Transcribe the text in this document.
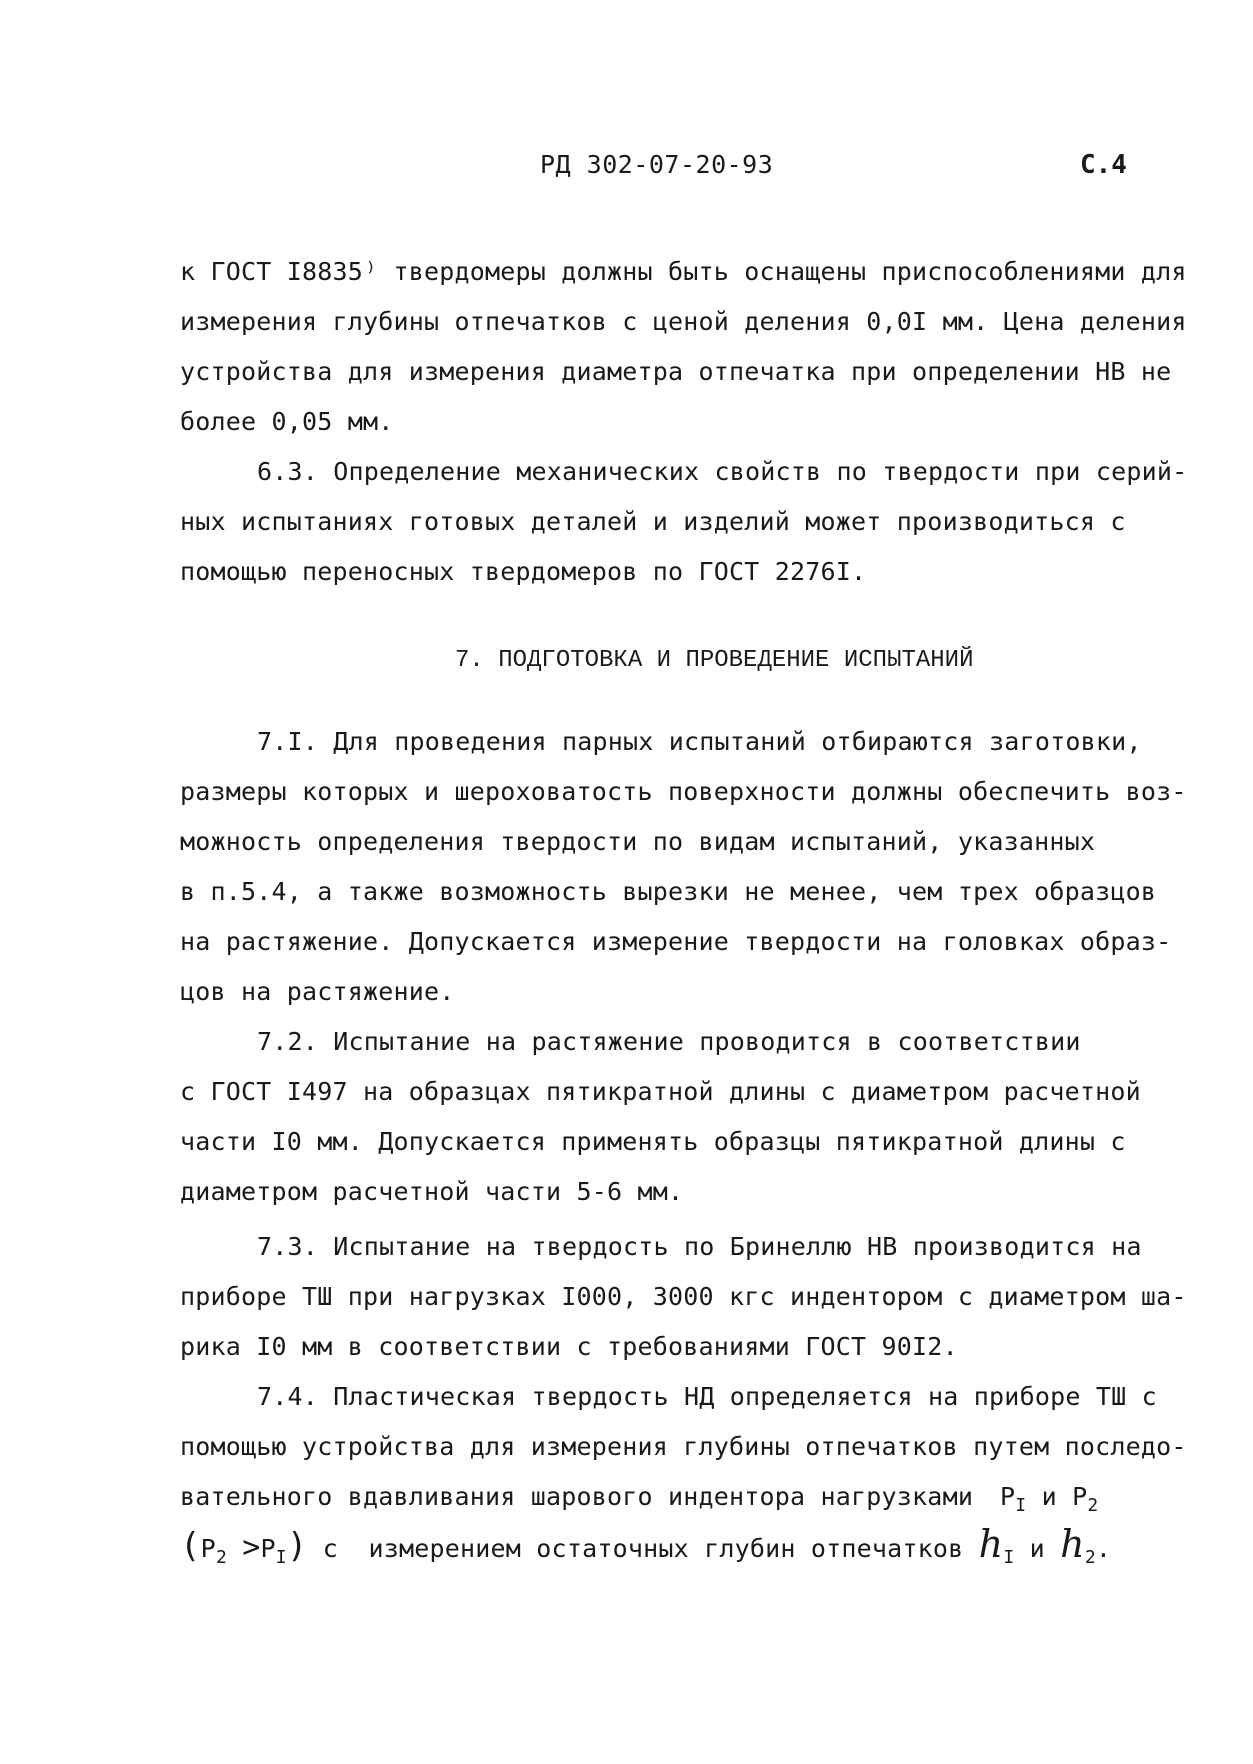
РД 302-07-20-93	С.4
к ГОСТ I8835⁾ твердомеры должны быть оснащены приспособлениями для
измерения глубины отпечатков с ценой деления 0,0I мм. Цена деления
устройства для измерения диаметра отпечатка при определении НВ не
более 0,05 мм.
6.3. Определение механических свойств по твердости при серий-
ных испытаниях готовых деталей и изделий может производиться с
помощью переносных твердомеров по ГОСТ 2276I.
7. ПОДГОТОВКА И ПРОВЕДЕНИЕ ИСПЫТАНИЙ
7.I. Для проведения парных испытаний отбираются заготовки,
размеры которых и шероховатость поверхности должны обеспечить воз-
можность определения твердости по видам испытаний, указанных
в п.5.4, а также возможность вырезки не менее, чем трех образцов
на растяжение. Допускается измерение твердости на головках образ-
цов на растяжение.
7.2. Испытание на растяжение проводится в соответствии
с ГОСТ I497 на образцах пятикратной длины с диаметром расчетной
части I0 мм. Допускается применять образцы пятикратной длины с
диаметром расчетной части 5-6 мм.
7.3. Испытание на твердость по Бринеллю НВ производится на
приборе ТШ при нагрузках I000, 3000 кгс индентором с диаметром ша-
рика I0 мм в соответствии с требованиями ГОСТ 90I2.
7.4. Пластическая твердость НД определяется на приборе ТШ с
помощью устройства для измерения глубины отпечатков путем последо-
вательного вдавливания шарового индентора нагрузками $P_I$ и $P_2$
$(P_2 >P_I)$ с измерением остаточных глубин отпечатков $h_I$ и $h_2$.
